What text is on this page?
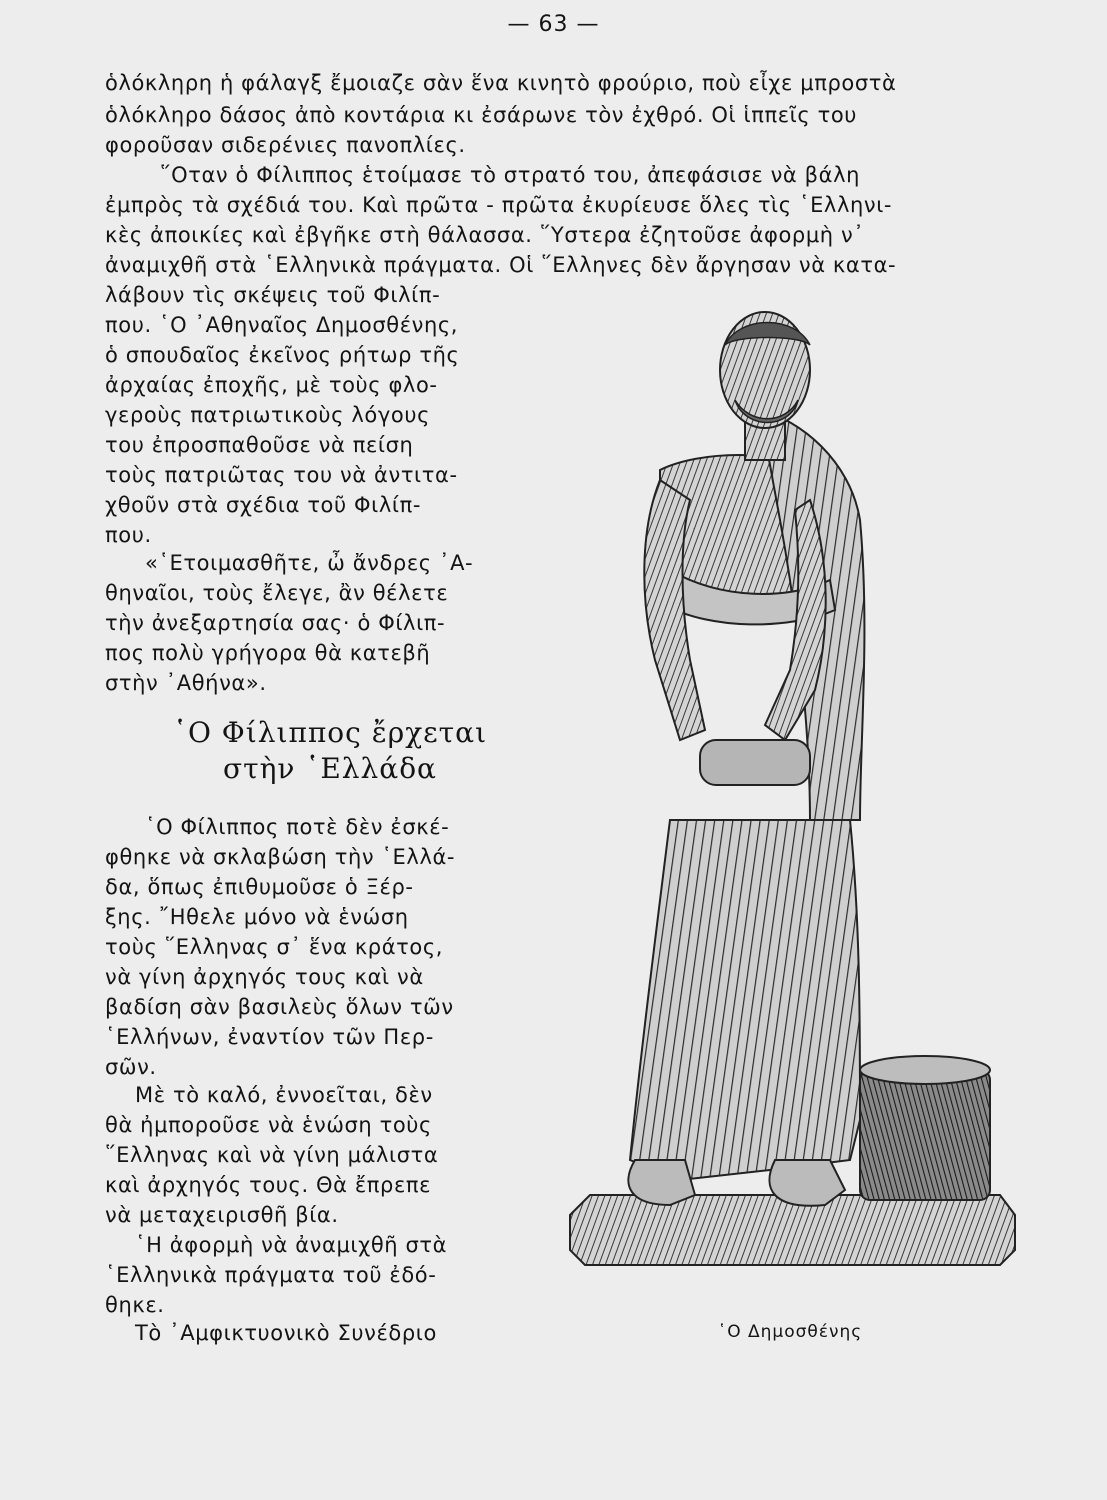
— 63 —
ὁλόκληρη ἡ φάλαγξ ἔμοιαζε σὰν ἕνα κινητὸ φρούριο, ποὺ εἶχε μπροστὰ
ὁλόκληρο δάσος ἀπὸ κοντάρια κι ἐσάρωνε τὸν ἐχθρό. Οἱ ἱππεῖς του
φοροῦσαν σιδερένιες πανοπλίες.
῞Οταν ὁ Φίλιππος ἑτοίμασε τὸ στρατό του, ἀπεφάσισε νὰ βάλη
ἐμπρὸς τὰ σχέδιά του. Καὶ πρῶτα - πρῶτα ἐκυρίευσε ὅλες τὶς ῾Ελληνι-
κὲς ἀποικίες καὶ ἐβγῆκε στὴ θάλασσα. ῞Υστερα ἐζητοῦσε ἀφορμὴ ν᾿
ἀναμιχθῆ στὰ ῾Ελληνικὰ πράγματα. Οἱ ῞Ελληνες δὲν ἄργησαν νὰ κατα-
λάβουν τὶς σκέψεις τοῦ Φιλίπ-
που. ῾Ο ᾿Αθηναῖος Δημοσθένης,
ὁ σπουδαῖος ἐκεῖνος ρήτωρ τῆς
ἀρχαίας ἐποχῆς, μὲ τοὺς φλο-
γεροὺς πατριωτικοὺς λόγους
του ἐπροσπαθοῦσε νὰ πείση
τοὺς πατριῶτας του νὰ ἀντιτα-
χθοῦν στὰ σχέδια τοῦ Φιλίπ-
που.
«῾Ετοιμασθῆτε, ὦ ἄνδρες ᾿Α-
θηναῖοι, τοὺς ἔλεγε, ἂν θέλετε
τὴν ἀνεξαρτησία σας· ὁ Φίλιπ-
πος πολὺ γρήγορα θὰ κατεβῆ
στὴν ᾿Αθήνα».
῾Ο Φίλιππος ἔρχεται
στὴν ῾Ελλάδα
῾Ο Φίλιππος ποτὲ δὲν ἐσκέ-
φθηκε νὰ σκλαβώση τὴν ῾Ελλά-
δα, ὅπως ἐπιθυμοῦσε ὁ Ξέρ-
ξης. ῎Ηθελε μόνο νὰ ἑνώση
τοὺς ῞Ελληνας σ᾿ ἕνα κράτος,
νὰ γίνη ἀρχηγός τους καὶ νὰ
βαδίση σὰν βασιλεὺς ὅλων τῶν
῾Ελλήνων, ἐναντίον τῶν Περ-
σῶν.
Μὲ τὸ καλό, ἐννοεῖται, δὲν
θὰ ἠμποροῦσε νὰ ἑνώση τοὺς
῞Ελληνας καὶ νὰ γίνη μάλιστα
καὶ ἀρχηγός τους. Θὰ ἔπρεπε
νὰ μεταχειρισθῆ βία.
῾Η ἀφορμὴ νὰ ἀναμιχθῆ στὰ
῾Ελληνικὰ πράγματα τοῦ ἐδό-
θηκε.
Τὸ ᾿Αμφικτυονικὸ Συνέδριο	῾Ο Δημοσθένης
